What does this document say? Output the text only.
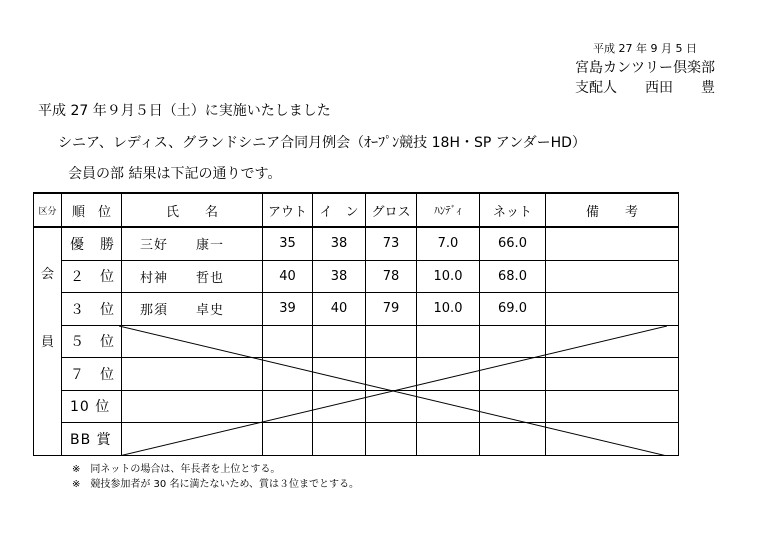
平成 27 年 9 月 5 日
宮島カンツリー倶楽部
支配人 西田　　豊
平成 27 年９月５日（土）に実施いたしました
シニア、レディス、グランドシニア合同月例会（ｵｰﾌﾟﾝ競技 18H・SP アンダーHD）
会員の部 結果は下記の通りです。
区分	順　位	氏　　名	アウト	イ　ン	グロス	ﾊﾝﾃﾞｨ	ネット	備　　考

会
員	優　勝	三好　　康一	35	38	73	7.0	66.0	
	２　位	村神　　哲也	40	38	78	10.0	68.0	
	３　位	那須　　卓史	39	40	79	10.0	69.0	
	５　位							
	７　位							
	10 位							
	BB 賞							
※　同ネットの場合は、年長者を上位とする。
※　競技参加者が 30 名に満たないため、賞は３位までとする。
